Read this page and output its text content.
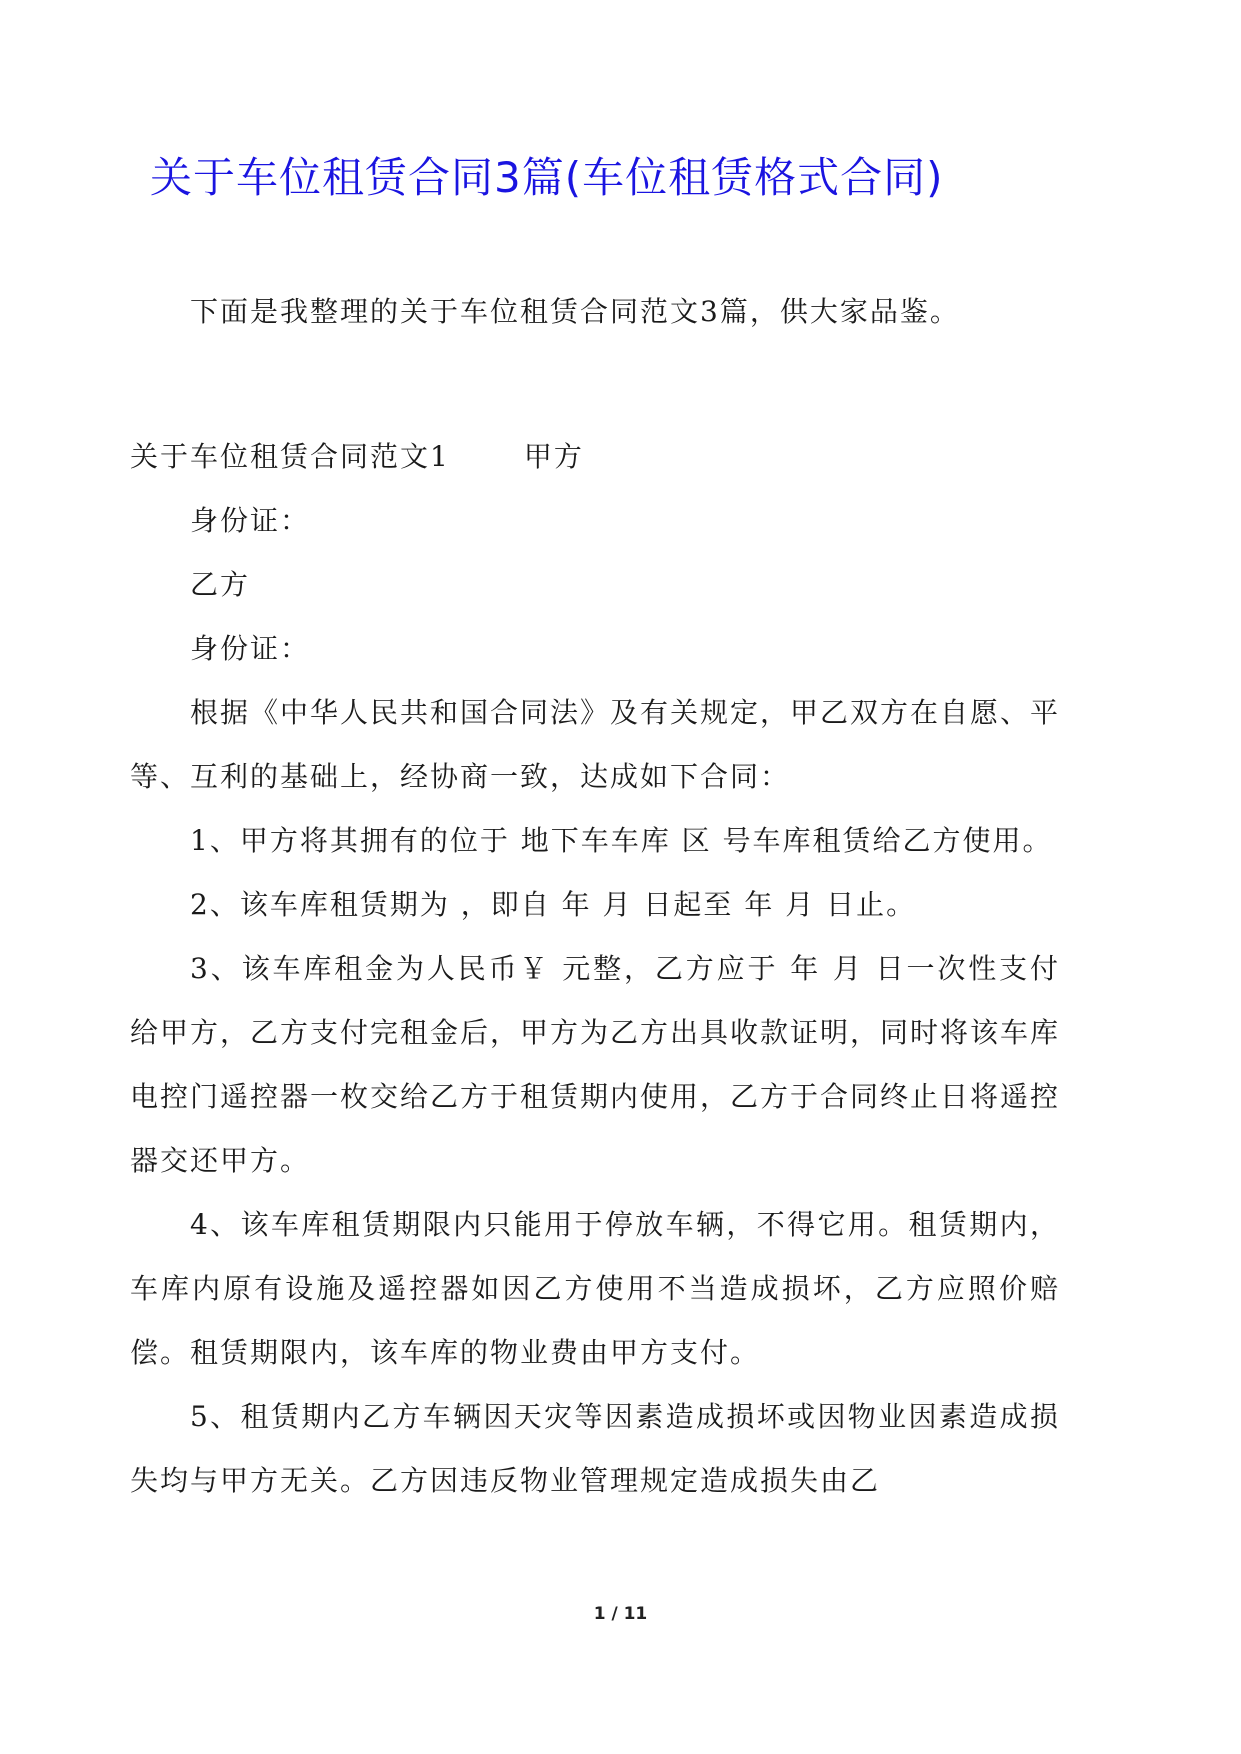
关于车位租赁合同3篇(车位租赁格式合同)

下面是我整理的关于车位租赁合同范文3篇，供大家品鉴。

关于车位租赁合同范文1	甲方

身份证：

乙方

身份证：

根据《中华人民共和国合同法》及有关规定，甲乙双方在自愿、平等、互利的基础上，经协商一致，达成如下合同：

1、甲方将其拥有的位于 地下车车库 区 号车库租赁给乙方使用。

2、该车库租赁期为 ，即自 年 月 日起至 年 月 日止。

3、该车库租金为人民币￥ 元整，乙方应于 年 月 日一次性支付给甲方，乙方支付完租金后，甲方为乙方出具收款证明，同时将该车库电控门遥控器一枚交给乙方于租赁期内使用，乙方于合同终止日将遥控器交还甲方。

4、该车库租赁期限内只能用于停放车辆，不得它用。租赁期内，车库内原有设施及遥控器如因乙方使用不当造成损坏，乙方应照价赔偿。租赁期限内，该车库的物业费由甲方支付。

5、租赁期内乙方车辆因天灾等因素造成损坏或因物业因素造成损失均与甲方无关。乙方因违反物业管理规定造成损失由乙

1 / 11
